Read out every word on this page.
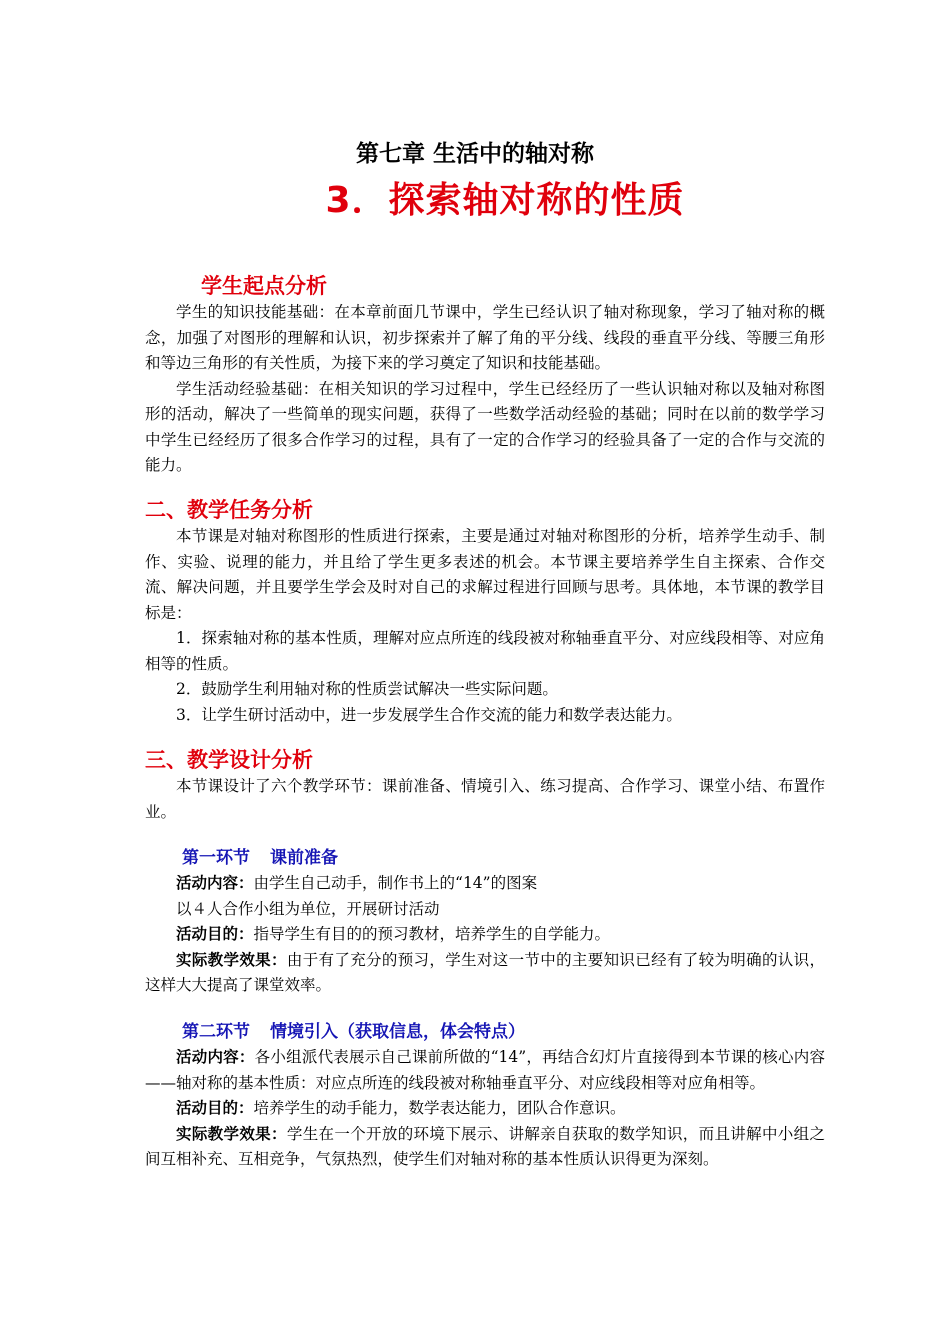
第七章 生活中的轴对称
3．探索轴对称的性质
学生起点分析

学生的知识技能基础：在本章前面几节课中，学生已经认识了轴对称现象，学习了轴对称的概念，加强了对图形的理解和认识，初步探索并了解了角的平分线、线段的垂直平分线、等腰三角形和等边三角形的有关性质，为接下来的学习奠定了知识和技能基础。

学生活动经验基础：在相关知识的学习过程中，学生已经经历了一些认识轴对称以及轴对称图形的活动，解决了一些简单的现实问题，获得了一些数学活动经验的基础；同时在以前的数学学习中学生已经经历了很多合作学习的过程，具有了一定的合作学习的经验具备了一定的合作与交流的能力。

二、教学任务分析

本节课是对轴对称图形的性质进行探索，主要是通过对轴对称图形的分析，培养学生动手、制作、实验、说理的能力，并且给了学生更多表述的机会。本节课主要培养学生自主探索、合作交流、解决问题，并且要学生学会及时对自己的求解过程进行回顾与思考。具体地，本节课的教学目标是：

1．探索轴对称的基本性质，理解对应点所连的线段被对称轴垂直平分、对应线段相等、对应角相等的性质。

2．鼓励学生利用轴对称的性质尝试解决一些实际问题。

3．让学生研讨活动中，进一步发展学生合作交流的能力和数学表达能力。

三、教学设计分析

本节课设计了六个教学环节：课前准备、情境引入、练习提高、合作学习、课堂小结、布置作业。

第一环节 课前准备

活动内容：由学生自己动手，制作书上的“14”的图案

以４人合作小组为单位，开展研讨活动

活动目的：指导学生有目的的预习教材，培养学生的自学能力。

实际教学效果：由于有了充分的预习，学生对这一节中的主要知识已经有了较为明确的认识，这样大大提高了课堂效率。

第二环节 情境引入（获取信息，体会特点）

活动内容：各小组派代表展示自己课前所做的“14”，再结合幻灯片直接得到本节课的核心内容——轴对称的基本性质：对应点所连的线段被对称轴垂直平分、对应线段相等对应角相等。

活动目的：培养学生的动手能力，数学表达能力，团队合作意识。

实际教学效果：学生在一个开放的环境下展示、讲解亲自获取的数学知识，而且讲解中小组之间互相补充、互相竞争，气氛热烈，使学生们对轴对称的基本性质认识得更为深刻。
